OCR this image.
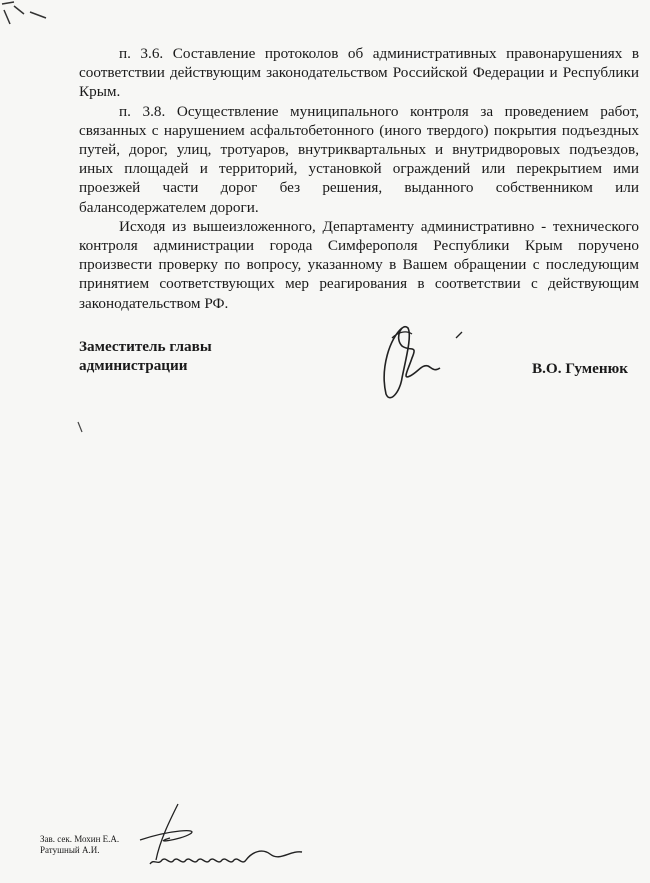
п. 3.6. Составление протоколов об административных правонарушениях в соответствии действующим законодательством Российской Федерации и Республики Крым.

п. 3.8. Осуществление муниципального контроля за проведением работ, связанных с нарушением асфальтобетонного (иного твердого) покрытия подъездных путей, дорог, улиц, тротуаров, внутриквартальных и внутридворовых подъездов, иных площадей и территорий, установкой ограждений или перекрытием ими проезжей части дорог без решения, выданного собственником или балансодержателем дороги.

Исходя из вышеизложенного, Департаменту административно - технического контроля администрации города Симферополя Республики Крым поручено произвести проверку по вопросу, указанному в Вашем обращении с последующим принятием соответствующих мер реагирования в соответствии с действующим законодательством РФ.

Заместитель главы
администрации	В.О. Гуменюк
Зав. сек. Мохин Е.А.
Ратушный А.И.
